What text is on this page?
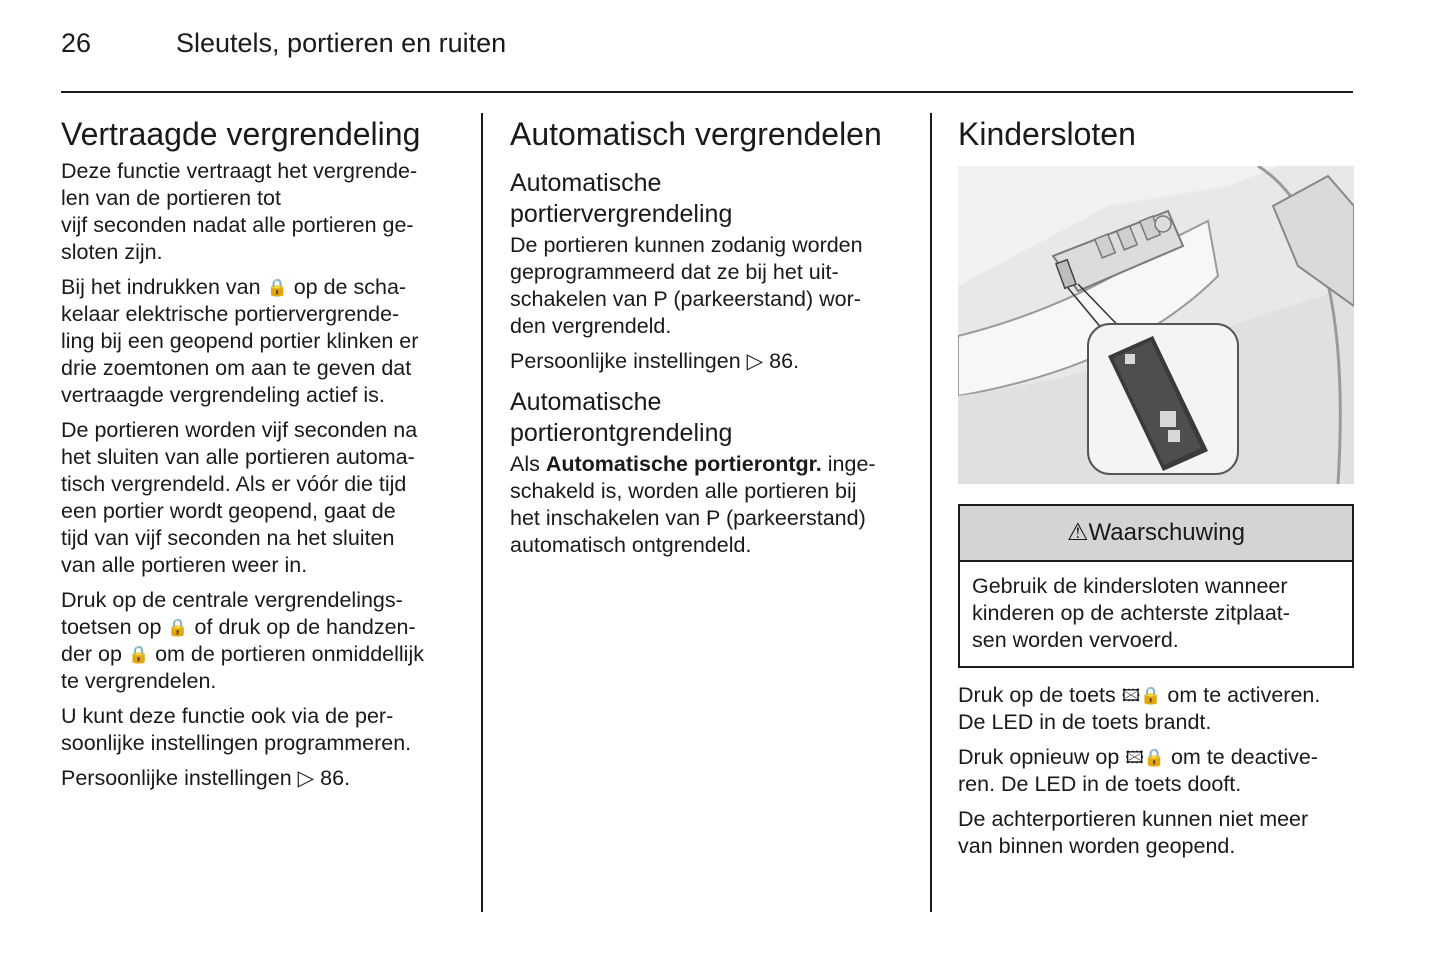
26	Sleutels, portieren en ruiten
Vertraagde vergrendeling

Deze functie vertraagt het vergrende-
len van de portieren tot
vijf seconden nadat alle portieren ge-
sloten zijn.

Bij het indrukken van 🔒 op de scha-
kelaar elektrische portiervergrende-
ling bij een geopend portier klinken er
drie zoemtonen om aan te geven dat
vertraagde vergrendeling actief is.

De portieren worden vijf seconden na
het sluiten van alle portieren automa-
tisch vergrendeld. Als er vóór die tijd
een portier wordt geopend, gaat de
tijd van vijf seconden na het sluiten
van alle portieren weer in.

Druk op de centrale vergrendelings-
toetsen op 🔒 of druk op de handzen-
der op 🔒 om de portieren onmiddellijk
te vergrendelen.

U kunt deze functie ook via de per-
soonlijke instellingen programmeren.

Persoonlijke instellingen ▷ 86.

Automatisch vergrendelen
Automatische
portiervergrendeling

De portieren kunnen zodanig worden
geprogrammeerd dat ze bij het uit-
schakelen van P (parkeerstand) wor-
den vergrendeld.

Persoonlijke instellingen ▷ 86.

Automatische
portierontgrendeling

Als Automatische portierontgr. inge-
schakeld is, worden alle portieren bij
het inschakelen van P (parkeerstand)
automatisch ontgrendeld.

Kindersloten
⚠Waarschuwing
Gebruik de kindersloten wanneer
kinderen op de achterste zitplaat-
sen worden vervoerd.

Druk op de toets 🖾🔒 om te activeren.
De LED in de toets brandt.

Druk opnieuw op 🖾🔒 om te deactive-
ren. De LED in de toets dooft.

De achterportieren kunnen niet meer
van binnen worden geopend.
